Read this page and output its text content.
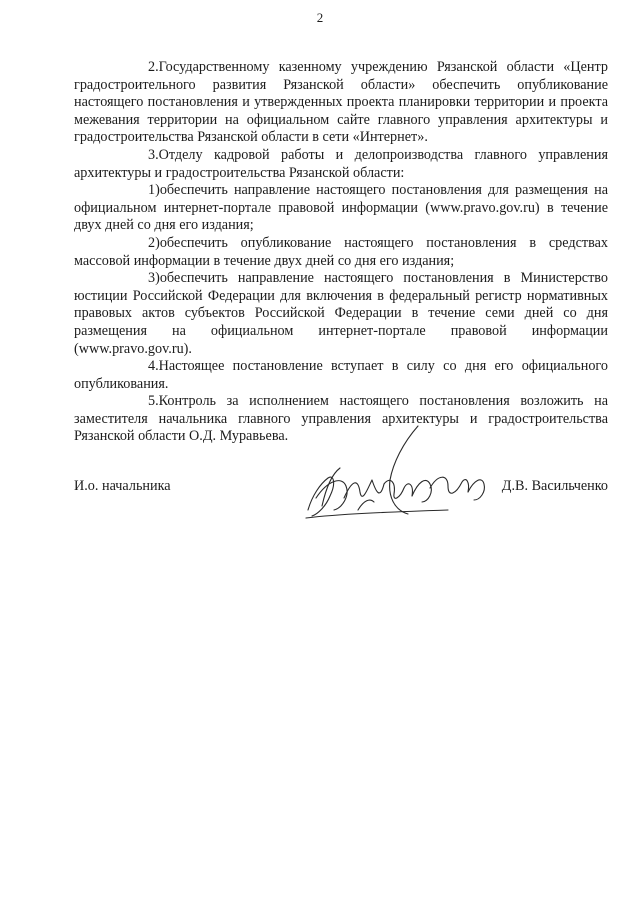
2

2.Государственному казенному учреждению Рязанской области «Центр градостроительного развития Рязанской области» обеспечить опубликование настоящего постановления и утвержденных проекта планировки территории и проекта межевания территории на официальном сайте главного управления архитектуры и градостроительства Рязанской области в сети «Интернет».

3.Отделу кадровой работы и делопроизводства главного управления архитектуры и градостроительства Рязанской области:

1)обеспечить направление настоящего постановления для размещения на официальном интернет-портале правовой информации (www.pravo.gov.ru) в течение двух дней со дня его издания;

2)обеспечить опубликование настоящего постановления в средствах массовой информации в течение двух дней со дня его издания;

3)обеспечить направление настоящего постановления в Министерство юстиции Российской Федерации для включения в федеральный регистр нормативных правовых актов субъектов Российской Федерации в течение семи дней со дня размещения на официальном интернет-портале правовой информации (www.pravo.gov.ru).

4.Настоящее постановление вступает в силу со дня его официального опубликования.

5.Контроль за исполнением настоящего постановления возложить на заместителя начальника главного управления архитектуры и градостроительства Рязанской области О.Д. Муравьева.

И.о. начальника	Д.В. Васильченко
